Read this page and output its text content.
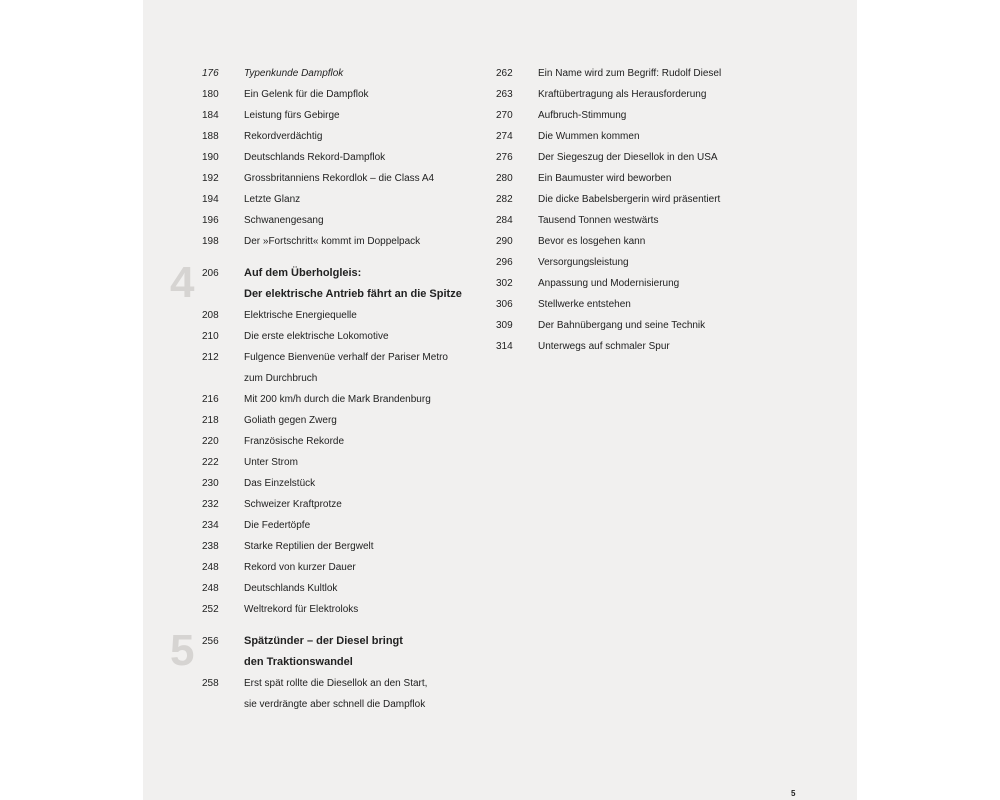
176	Typenkunde Dampflok
180	Ein Gelenk für die Dampflok
184	Leistung fürs Gebirge
188	Rekordverdächtig
190	Deutschlands Rekord-Dampflok
192	Grossbritanniens Rekordlok – die Class A4
194	Letzte Glanz
196	Schwanengesang
198	Der »Fortschritt« kommt im Doppelpack
206	Auf dem Überholgleis:
Der elektrische Antrieb fährt an die Spitze
4
208	Elektrische Energiequelle
210	Die erste elektrische Lokomotive
212	Fulgence Bienvenüe verhalf der Pariser Metro
zum Durchbruch
216	Mit 200 km/h durch die Mark Brandenburg
218	Goliath gegen Zwerg
220	Französische Rekorde
222	Unter Strom
230	Das Einzelstück
232	Schweizer Kraftprotze
234	Die Federtöpfe
238	Starke Reptilien der Bergwelt
248	Rekord von kurzer Dauer
248	Deutschlands Kultlok
252	Weltrekord für Elektroloks
256	Spätzünder – der Diesel bringt
den Traktionswandel
5
258	Erst spät rollte die Diesellok an den Start,
sie verdrängte aber schnell die Dampflok
262	Ein Name wird zum Begriff: Rudolf Diesel
263	Kraftübertragung als Herausforderung
270	Aufbruch-Stimmung
274	Die Wummen kommen
276	Der Siegeszug der Diesellok in den USA
280	Ein Baumuster wird beworben
282	Die dicke Babelsbergerin wird präsentiert
284	Tausend Tonnen westwärts
290	Bevor es losgehen kann
296	Versorgungsleistung
302	Anpassung und Modernisierung
306	Stellwerke entstehen
309	Der Bahnübergang und seine Technik
314	Unterwegs auf schmaler Spur
5
